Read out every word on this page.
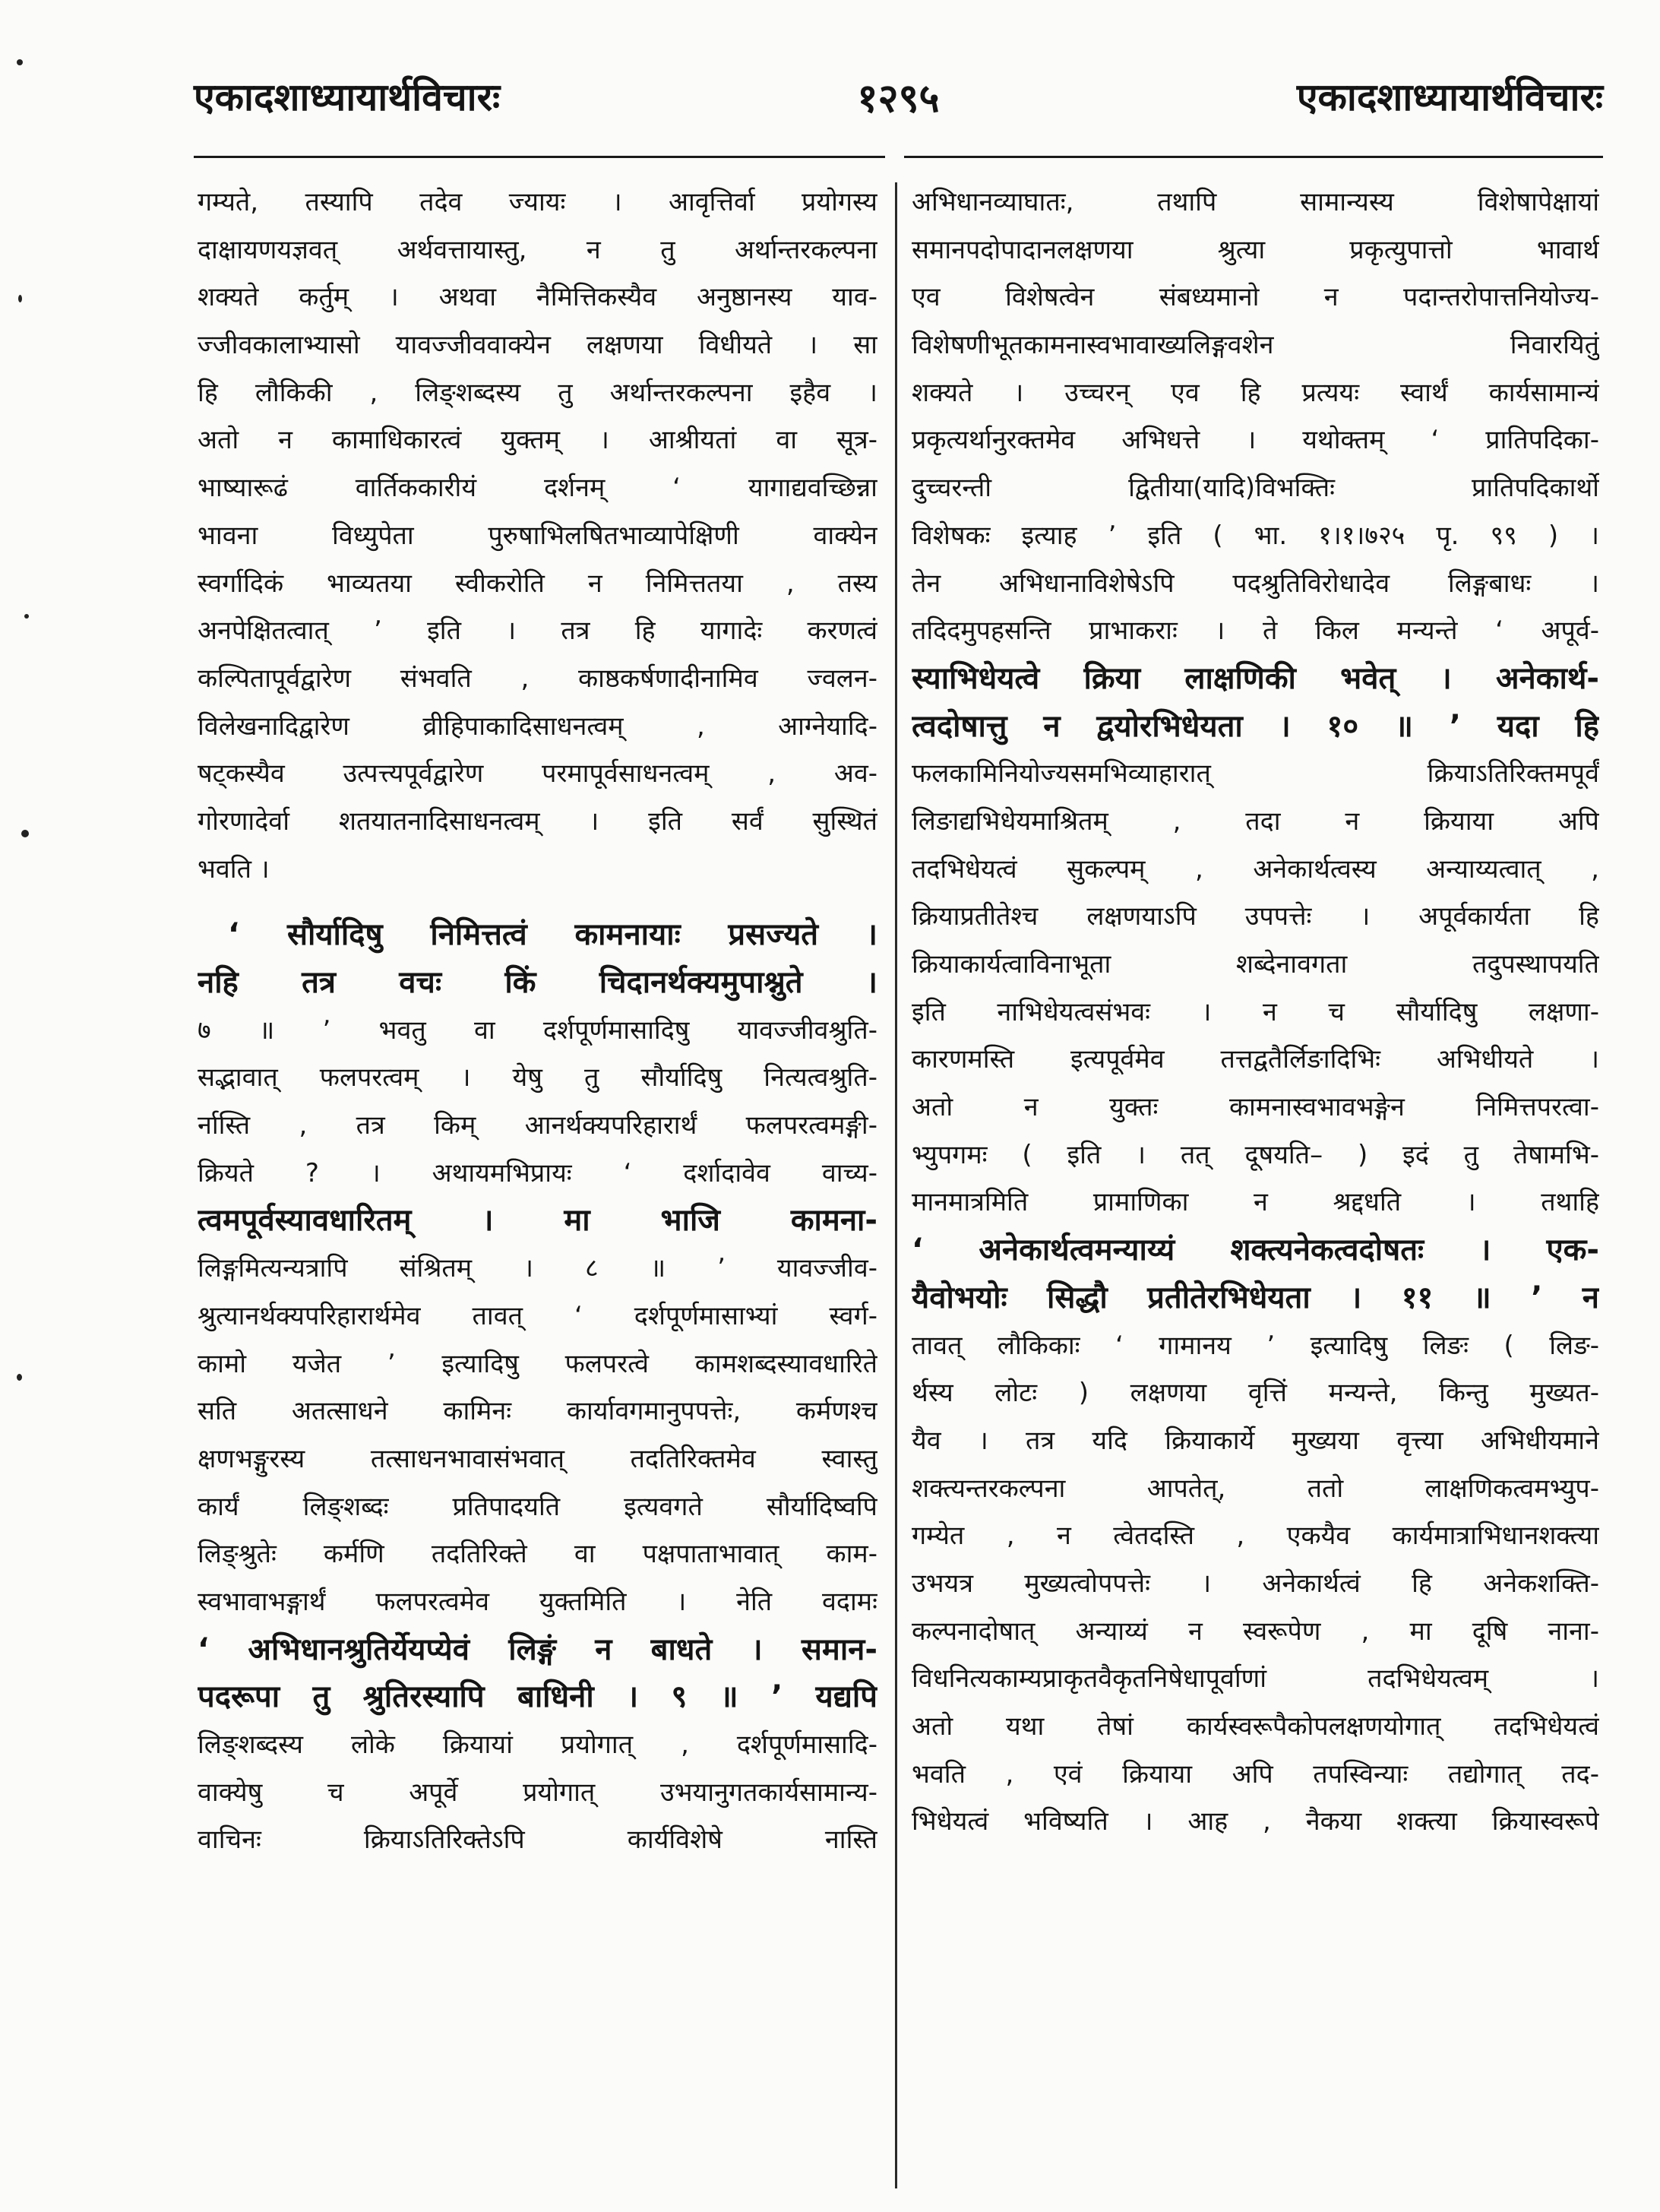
एकादशाध्यायार्थविचारः	१२९५	एकादशाध्यायार्थविचारः
गम्यते, तस्यापि तदेव ज्यायः । आवृत्तिर्वा प्रयोगस्य
दाक्षायणयज्ञवत् अर्थवत्तायास्तु, न तु अर्थान्तरकल्पना
शक्यते कर्तुम् । अथवा नैमित्तिकस्यैव अनुष्ठानस्य याव-
ज्जीवकालाभ्यासो यावज्जीववाक्येन लक्षणया विधीयते । सा
हि लौकिकी , लिङ्शब्दस्य तु अर्थान्तरकल्पना इहैव ।
अतो न कामाधिकारत्वं युक्तम् । आश्रीयतां वा सूत्र-
भाष्यारूढं वार्तिककारीयं दर्शनम् ‘ यागाद्यवच्छिन्ना
भावना विध्युपेता पुरुषाभिलषितभाव्यापेक्षिणी वाक्येन
स्वर्गादिकं भाव्यतया स्वीकरोति न निमित्ततया , तस्य
अनपेक्षितत्वात् ’ इति । तत्र हि यागादेः करणत्वं
कल्पितापूर्वद्वारेण संभवति , काष्ठकर्षणादीनामिव ज्वलन-
विलेखनादिद्वारेण व्रीहिपाकादिसाधनत्वम् , आग्नेयादि-
षट्कस्यैव उत्पत्त्यपूर्वद्वारेण परमापूर्वसाधनत्वम् , अव-
गोरणादेर्वा शतयातनादिसाधनत्वम् । इति सर्वं सुस्थितं
भवति ।
‘ सौर्यादिषु निमित्तत्वं कामनायाः प्रसज्यते ।
नहि तत्र वचः किं चिदानर्थक्यमुपाश्नुते ।
७ ॥ ’ भवतु वा दर्शपूर्णमासादिषु यावज्जीवश्रुति-
सद्भावात् फलपरत्वम् । येषु तु सौर्यादिषु नित्यत्वश्रुति-
र्नास्ति , तत्र किम् आनर्थक्यपरिहारार्थं फलपरत्वमङ्गी-
क्रियते ? । अथायमभिप्रायः ‘ दर्शादावेव वाच्य-
त्वमपूर्वस्यावधारितम् । मा भाजि कामना-
लिङ्गमित्यन्यत्रापि संश्रितम् । ८ ॥ ’ यावज्जीव-
श्रुत्यानर्थक्यपरिहारार्थमेव तावत् ‘ दर्शपूर्णमासाभ्यां स्वर्ग-
कामो यजेत ’ इत्यादिषु फलपरत्वे कामशब्दस्यावधारिते
सति अतत्साधने कामिनः कार्यावगमानुपपत्तेः, कर्मणश्च
क्षणभङ्गुरस्य तत्साधनभावासंभवात् तदतिरिक्तमेव स्वास्तु
कार्यं लिङ्शब्दः प्रतिपादयति इत्यवगते सौर्यादिष्वपि
लिङ्श्रुतेः कर्मणि तदतिरिक्ते वा पक्षपाताभावात् काम-
स्वभावाभङ्गार्थं फलपरत्वमेव युक्तमिति । नेति वदामः
‘ अभिधानश्रुतिर्येयप्येवं लिङ्गं न बाधते । समान-
पदरूपा तु श्रुतिरस्यापि बाधिनी । ९ ॥ ’ यद्यपि
लिङ्शब्दस्य लोके क्रियायां प्रयोगात् , दर्शपूर्णमासादि-
वाक्येषु च अपूर्वे प्रयोगात् उभयानुगतकार्यसामान्य-
वाचिनः क्रियाऽतिरिक्तेऽपि कार्यविशेषे नास्ति
अभिधानव्याघातः, तथापि सामान्यस्य विशेषापेक्षायां
समानपदोपादानलक्षणया श्रुत्या प्रकृत्युपात्तो भावार्थ
एव विशेषत्वेन संबध्यमानो न पदान्तरोपात्तनियोज्य-
विशेषणीभूतकामनास्वभावाख्यलिङ्गवशेन निवारयितुं
शक्यते । उच्चरन् एव हि प्रत्ययः स्वार्थं कार्यसामान्यं
प्रकृत्यर्थानुरक्तमेव अभिधत्ते । यथोक्तम् ‘ प्रातिपदिका-
दुच्चरन्ती द्वितीया(यादि)विभक्तिः प्रातिपदिकार्थो
विशेषकः इत्याह ’ इति ( भा. १।१।७२५ पृ. ९९ ) ।
तेन अभिधानाविशेषेऽपि पदश्रुतिविरोधादेव लिङ्गबाधः ।
तदिदमुपहसन्ति प्राभाकराः । ते किल मन्यन्ते ‘ अपूर्व-
स्याभिधेयत्वे क्रिया लाक्षणिकी भवेत् । अनेकार्थ-
त्वदोषात्तु न द्वयोरभिधेयता । १० ॥ ’ यदा हि
फलकामिनियोज्यसमभिव्याहारात् क्रियाऽतिरिक्तमपूर्वं
लिङाद्यभिधेयमाश्रितम् , तदा न क्रियाया अपि
तदभिधेयत्वं सुकल्पम् , अनेकार्थत्वस्य अन्याय्यत्वात् ,
क्रियाप्रतीतेश्च लक्षणयाऽपि उपपत्तेः । अपूर्वकार्यता हि
क्रियाकार्यत्वाविनाभूता शब्देनावगता तदुपस्थापयति
इति नाभिधेयत्वसंभवः । न च सौर्यादिषु लक्षणा-
कारणमस्ति इत्यपूर्वमेव तत्तद्वतैर्लिङादिभिः अभिधीयते ।
अतो न युक्तः कामनास्वभावभङ्गेन निमित्तपरत्वा-
भ्युपगमः ( इति । तत् दूषयति– ) इदं तु तेषामभि-
मानमात्रमिति प्रामाणिका न श्रद्दधति । तथाहि
‘ अनेकार्थत्वमन्याय्यं शक्त्यनेकत्वदोषतः । एक-
यैवोभयोः सिद्धौ प्रतीतेरभिधेयता । ११ ॥ ’ न
तावत् लौकिकाः ‘ गामानय ’ इत्यादिषु लिङः ( लिङ-
र्थस्य लोटः ) लक्षणया वृत्तिं मन्यन्ते, किन्तु मुख्यत-
यैव । तत्र यदि क्रियाकार्ये मुख्यया वृत्त्या अभिधीयमाने
शक्त्यन्तरकल्पना आपतेत्, ततो लाक्षणिकत्वमभ्युप-
गम्येत , न त्वेतदस्ति , एकयैव कार्यमात्राभिधानशक्त्या
उभयत्र मुख्यत्वोपपत्तेः । अनेकार्थत्वं हि अनेकशक्ति-
कल्पनादोषात् अन्याय्यं न स्वरूपेण , मा दूषि नाना-
विधनित्यकाम्यप्राकृतवैकृतनिषेधापूर्वाणां तदभिधेयत्वम् ।
अतो यथा तेषां कार्यस्वरूपैकोपलक्षणयोगात् तदभिधेयत्वं
भवति , एवं क्रियाया अपि तपस्विन्याः तद्योगात् तद-
भिधेयत्वं भविष्यति । आह , नैकया शक्त्या क्रियास्वरूपे
